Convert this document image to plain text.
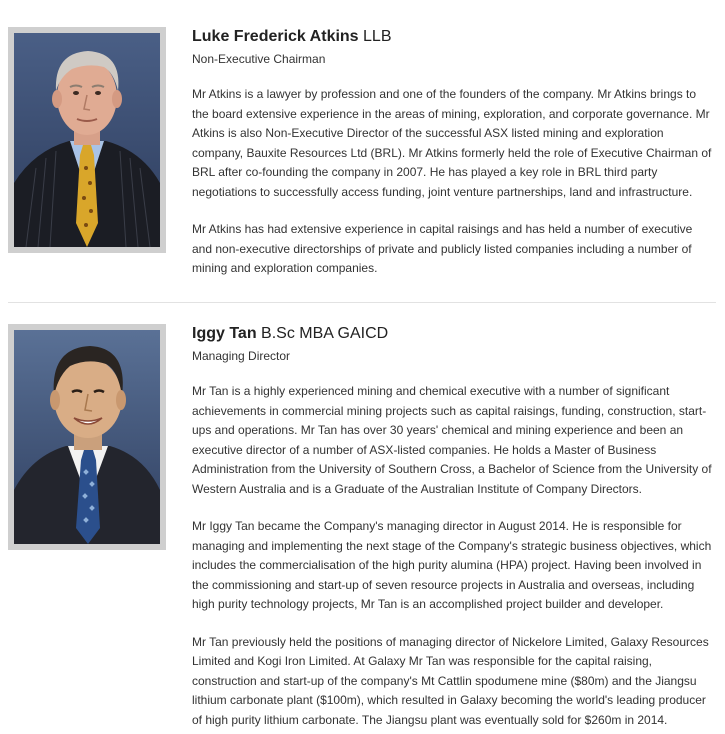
Luke Frederick Atkins LLB

Non-Executive Chairman

Mr Atkins is a lawyer by profession and one of the founders of the company. Mr Atkins brings to the board extensive experience in the areas of mining, exploration, and corporate governance. Mr Atkins is also Non-Executive Director of the successful ASX listed mining and exploration company, Bauxite Resources Ltd (BRL). Mr Atkins formerly held the role of Executive Chairman of BRL after co-founding the company in 2007. He has played a key role in BRL third party negotiations to successfully access funding, joint venture partnerships, land and infrastructure.

Mr Atkins has had extensive experience in capital raisings and has held a number of executive and non-executive directorships of private and publicly listed companies including a number of mining and exploration companies.

Iggy Tan B.Sc MBA GAICD

Managing Director

Mr Tan is a highly experienced mining and chemical executive with a number of significant achievements in commercial mining projects such as capital raisings, funding, construction, start-ups and operations. Mr Tan has over 30 years' chemical and mining experience and been an executive director of a number of ASX-listed companies. He holds a Master of Business Administration from the University of Southern Cross, a Bachelor of Science from the University of Western Australia and is a Graduate of the Australian Institute of Company Directors.

Mr Iggy Tan became the Company's managing director in August 2014. He is responsible for managing and implementing the next stage of the Company's strategic business objectives, which includes the commercialisation of the high purity alumina (HPA) project. Having been involved in the commissioning and start-up of seven resource projects in Australia and overseas, including high purity technology projects, Mr Tan is an accomplished project builder and developer.

Mr Tan previously held the positions of managing director of Nickelore Limited, Galaxy Resources Limited and Kogi Iron Limited. At Galaxy Mr Tan was responsible for the capital raising, construction and start-up of the company's Mt Cattlin spodumene mine ($80m) and the Jiangsu lithium carbonate plant ($100m), which resulted in Galaxy becoming the world's leading producer of high purity lithium carbonate. The Jiangsu plant was eventually sold for $260m in 2014.
